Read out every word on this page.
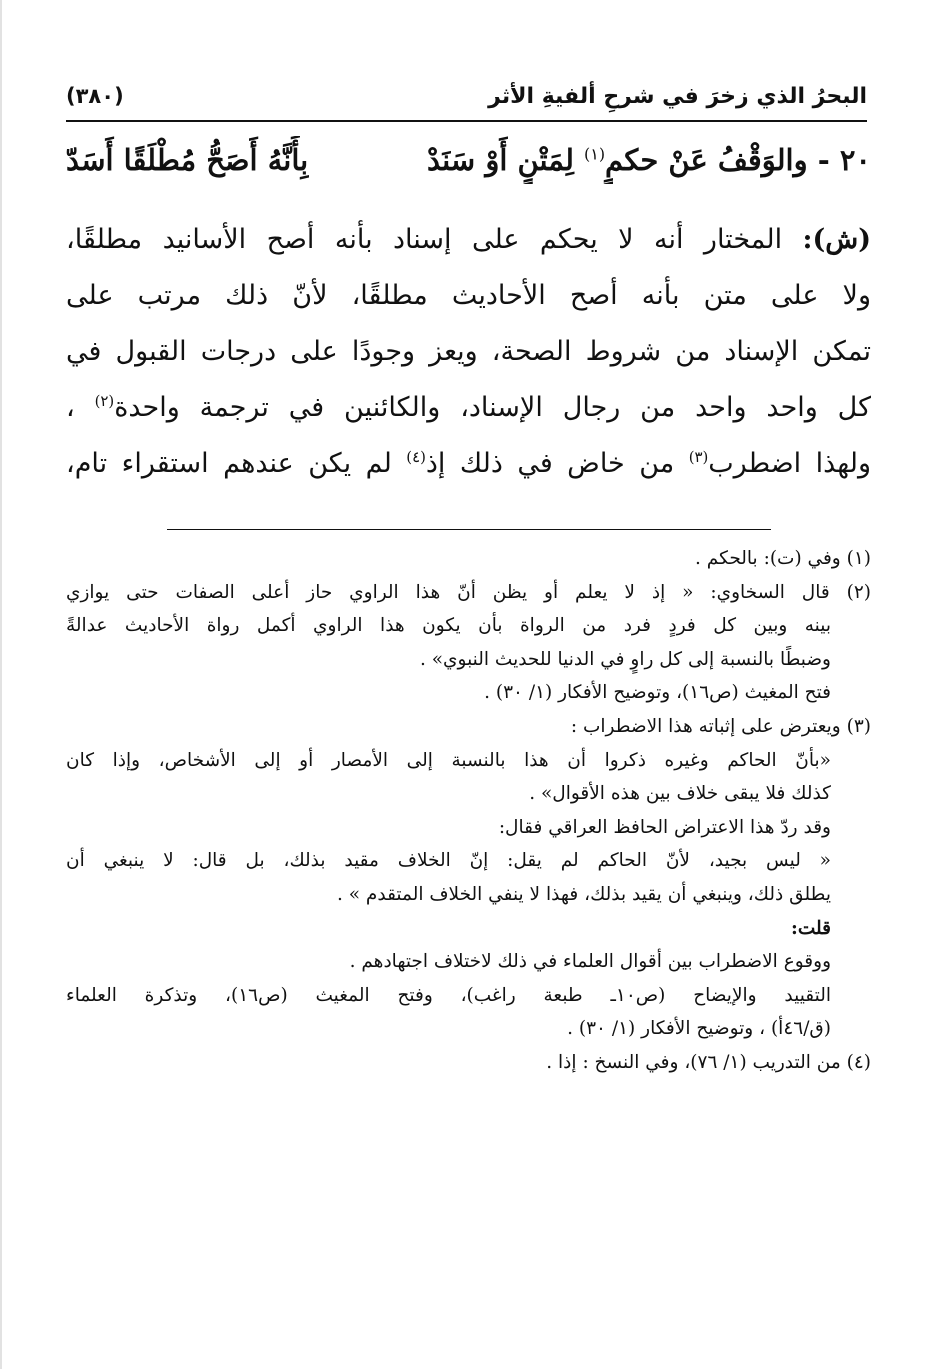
البحرُ الذي زخرَ في شرحِ ألفيةِ الأثر
(٣٨٠)
٢٠ - والوَقْفُ عَنْ حكمٍ$^{(١)}$ لِمَتْنٍ أَوْ سَنَدْ
بِأَنَّهُ أَصَحُّ مُطْلَقًا أَسَدّ
(ش): المختار أنه لا يحكم على إسناد بأنه أصح الأسانيد مطلقًا،
ولا على متن بأنه أصح الأحاديث مطلقًا، لأنّ ذلك مرتب على
تمكن الإسناد من شروط الصحة، ويعز وجودًا على درجات القبول في
كل واحد واحد من رجال الإسناد، والكائنين في ترجمة واحدة$^{(٢)}$ ،
ولهذا اضطرب$^{(٣)}$ من خاض في ذلك إذ$^{(٤)}$ لم يكن عندهم استقراء تام،
(١) وفي (ت): بالحكم .
(٢) قال السخاوي: « إذ لا يعلم أو يظن أنّ هذا الراوي حاز أعلى الصفات حتى يوازي
بينه وبين كل فردٍ فرد من الرواة بأن يكون هذا الراوي أكمل رواة الأحاديث عدالةً
وضبطًا بالنسبة إلى كل راوٍ في الدنيا للحديث النبوي» .
فتح المغيث (ص١٦)، وتوضيح الأفكار (١/ ٣٠) .
(٣) ويعترض على إثباته هذا الاضطراب :
«بأنّ الحاكم وغيره ذكروا أن هذا بالنسبة إلى الأمصار أو إلى الأشخاص، وإذا كان
كذلك فلا يبقى خلاف بين هذه الأقوال» .
وقد ردّ هذا الاعتراض الحافظ العراقي فقال:
« ليس بجيد، لأنّ الحاكم لم يقل: إنّ الخلاف مقيد بذلك، بل قال: لا ينبغي أن
يطلق ذلك، وينبغي أن يقيد بذلك، فهذا لا ينفي الخلاف المتقدم » .
قلت:
ووقوع الاضطراب بين أقوال العلماء في ذلك لاختلاف اجتهادهم .
التقييد والإيضاح (ص١٠ـ طبعة راغب)، وفتح المغيث (ص١٦)، وتذكرة العلماء
(ق/٤٦أ) ، وتوضيح الأفكار (١/ ٣٠) .
(٤) من التدريب (١/ ٧٦)، وفي النسخ : إذا .
